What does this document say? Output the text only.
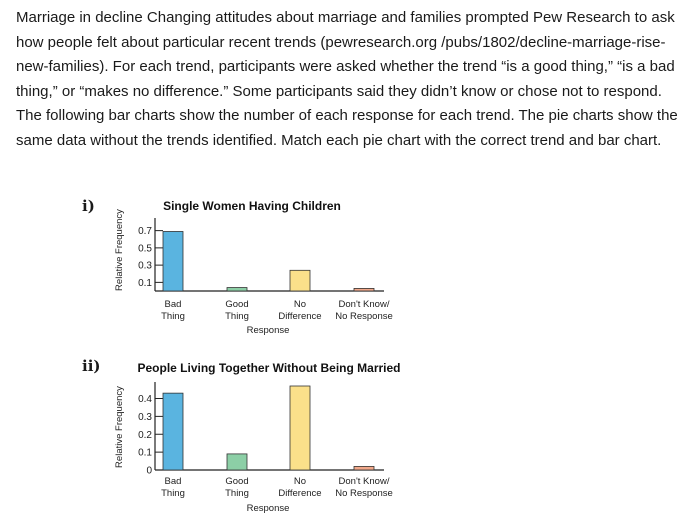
Marriage in decline Changing attitudes about marriage and families prompted Pew Research to ask how people felt about particular recent trends (pewresearch.org /pubs/1802/decline-marriage-rise-new-families). For each trend, participants were asked whether the trend “is a good thing,” “is a bad thing,” or “makes no difference.” Some participants said they didn’t know or chose not to respond. The following bar charts show the number of each response for each trend. The pie charts show the same data without the trends identified. Match each pie chart with the correct trend and bar chart.

i)
ii)
Single Women Having Children
0.1
0.3
0.5
0.7
Relative Frequency
Bad
Thing
Good
Thing
No
Difference
Don't Know/
No Response
Response
People Living Together Without Being Married
0
0.1
0.2
0.3
0.4
Relative Frequency
Bad
Thing
Good
Thing
No
Difference
Don't Know/
No Response
Response
